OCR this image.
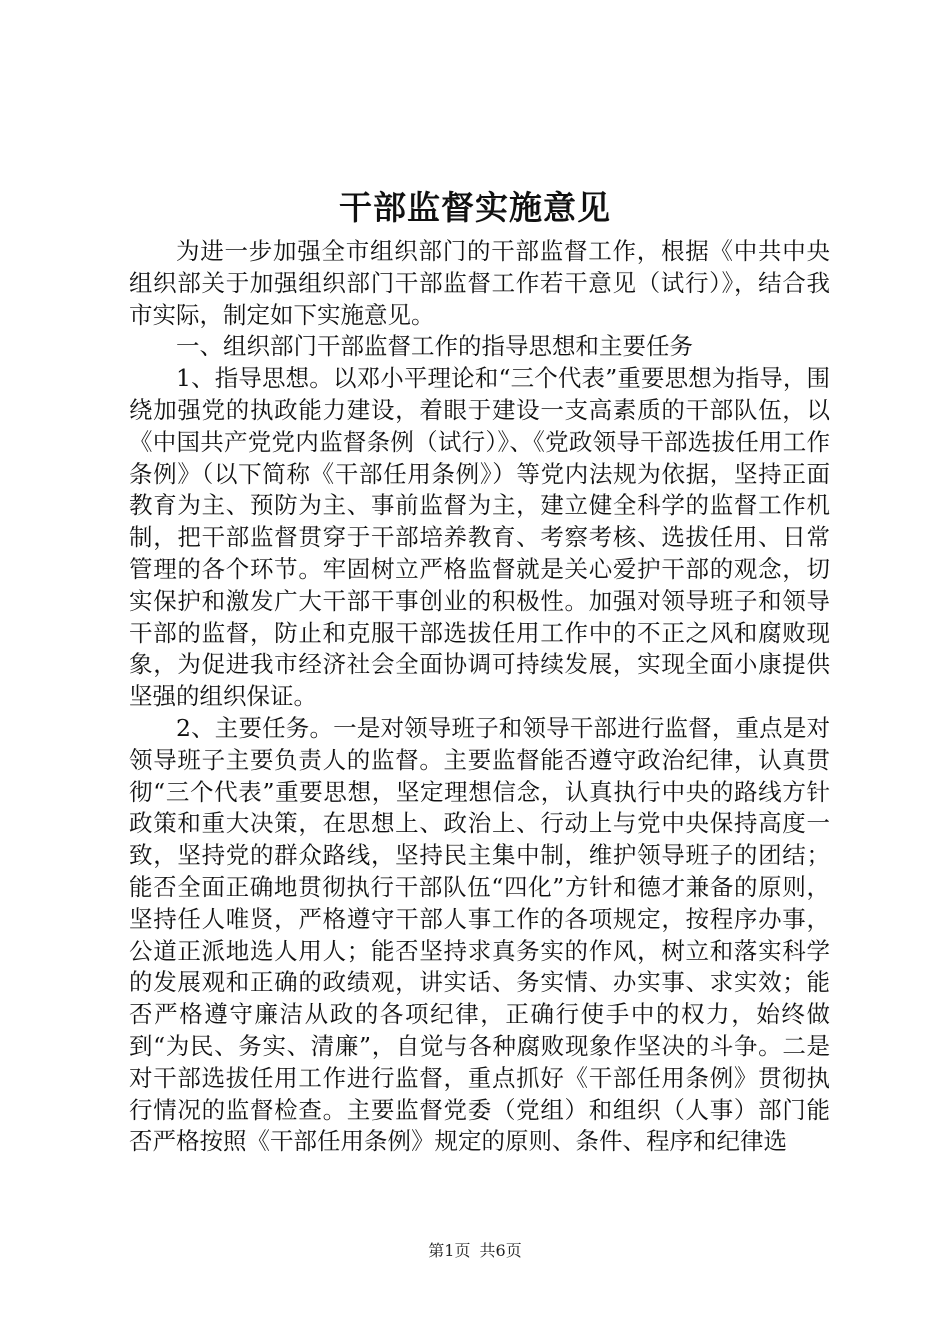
干部监督实施意见

为进一步加强全市组织部门的干部监督工作，根据《中共中央组织部关于加强组织部门干部监督工作若干意见（试行）》，结合我市实际，制定如下实施意见。

一、组织部门干部监督工作的指导思想和主要任务

1、指导思想。以邓小平理论和“三个代表”重要思想为指导，围绕加强党的执政能力建设，着眼于建设一支高素质的干部队伍，以《中国共产党党内监督条例（试行）》、《党政领导干部选拔任用工作条例》（以下简称《干部任用条例》）等党内法规为依据，坚持正面教育为主、预防为主、事前监督为主，建立健全科学的监督工作机制，把干部监督贯穿于干部培养教育、考察考核、选拔任用、日常管理的各个环节。牢固树立严格监督就是关心爱护干部的观念，切实保护和激发广大干部干事创业的积极性。加强对领导班子和领导干部的监督，防止和克服干部选拔任用工作中的不正之风和腐败现象，为促进我市经济社会全面协调可持续发展，实现全面小康提供坚强的组织保证。

2、主要任务。一是对领导班子和领导干部进行监督，重点是对领导班子主要负责人的监督。主要监督能否遵守政治纪律，认真贯彻“三个代表”重要思想，坚定理想信念，认真执行中央的路线方针政策和重大决策，在思想上、政治上、行动上与党中央保持高度一致，坚持党的群众路线，坚持民主集中制，维护领导班子的团结；能否全面正确地贯彻执行干部队伍“四化”方针和德才兼备的原则，坚持任人唯贤，严格遵守干部人事工作的各项规定，按程序办事，公道正派地选人用人；能否坚持求真务实的作风，树立和落实科学的发展观和正确的政绩观，讲实话、务实情、办实事、求实效；能否严格遵守廉洁从政的各项纪律，正确行使手中的权力，始终做到“为民、务实、清廉”，自觉与各种腐败现象作坚决的斗争。二是对干部选拔任用工作进行监督，重点抓好《干部任用条例》贯彻执行情况的监督检查。主要监督党委（党组）和组织（人事）部门能否严格按照《干部任用条例》规定的原则、条件、程序和纪律选

第1页 共6页
